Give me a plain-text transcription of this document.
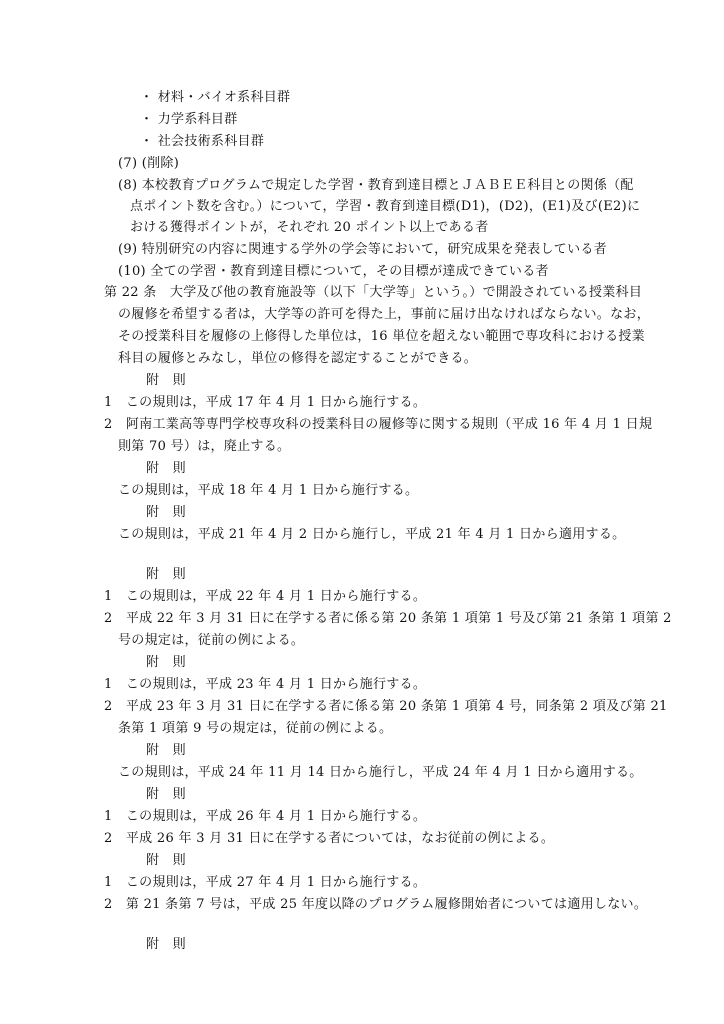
・ 材料・バイオ系科目群
・ 力学系科目群
・ 社会技術系科目群
(7) (削除)
(8) 本校教育プログラムで規定した学習・教育到達目標とＪＡＢＥＥ科目との関係（配
点ポイント数を含む。）について，学習・教育到達目標(D1)，(D2)，(E1)及び(E2)に
おける獲得ポイントが，それぞれ 20 ポイント以上である者
(9) 特別研究の内容に関連する学外の学会等において，研究成果を発表している者
(10) 全ての学習・教育到達目標について，その目標が達成できている者
第 22 条　大学及び他の教育施設等（以下「大学等」という。）で開設されている授業科目
の履修を希望する者は，大学等の許可を得た上，事前に届け出なければならない。なお，
その授業科目を履修の上修得した単位は，16 単位を超えない範囲で専攻科における授業
科目の履修とみなし，単位の修得を認定することができる。
附　則
1　この規則は，平成 17 年 4 月 1 日から施行する。
2　阿南工業高等専門学校専攻科の授業科目の履修等に関する規則（平成 16 年 4 月 1 日規
則第 70 号）は，廃止する。
附　則
この規則は，平成 18 年 4 月 1 日から施行する。
附　則
この規則は，平成 21 年 4 月 2 日から施行し，平成 21 年 4 月 1 日から適用する。
附　則
1　この規則は，平成 22 年 4 月 1 日から施行する。
2　平成 22 年 3 月 31 日に在学する者に係る第 20 条第 1 項第 1 号及び第 21 条第 1 項第 2
号の規定は，従前の例による。
附　則
1　この規則は，平成 23 年 4 月 1 日から施行する。
2　平成 23 年 3 月 31 日に在学する者に係る第 20 条第 1 項第 4 号，同条第 2 項及び第 21
条第 1 項第 9 号の規定は，従前の例による。
附　則
この規則は，平成 24 年 11 月 14 日から施行し，平成 24 年 4 月 1 日から適用する。
附　則
1　この規則は，平成 26 年 4 月 1 日から施行する。
2　平成 26 年 3 月 31 日に在学する者については，なお従前の例による。
附　則
1　この規則は，平成 27 年 4 月 1 日から施行する。
2　第 21 条第 7 号は，平成 25 年度以降のプログラム履修開始者については適用しない。
附　則
